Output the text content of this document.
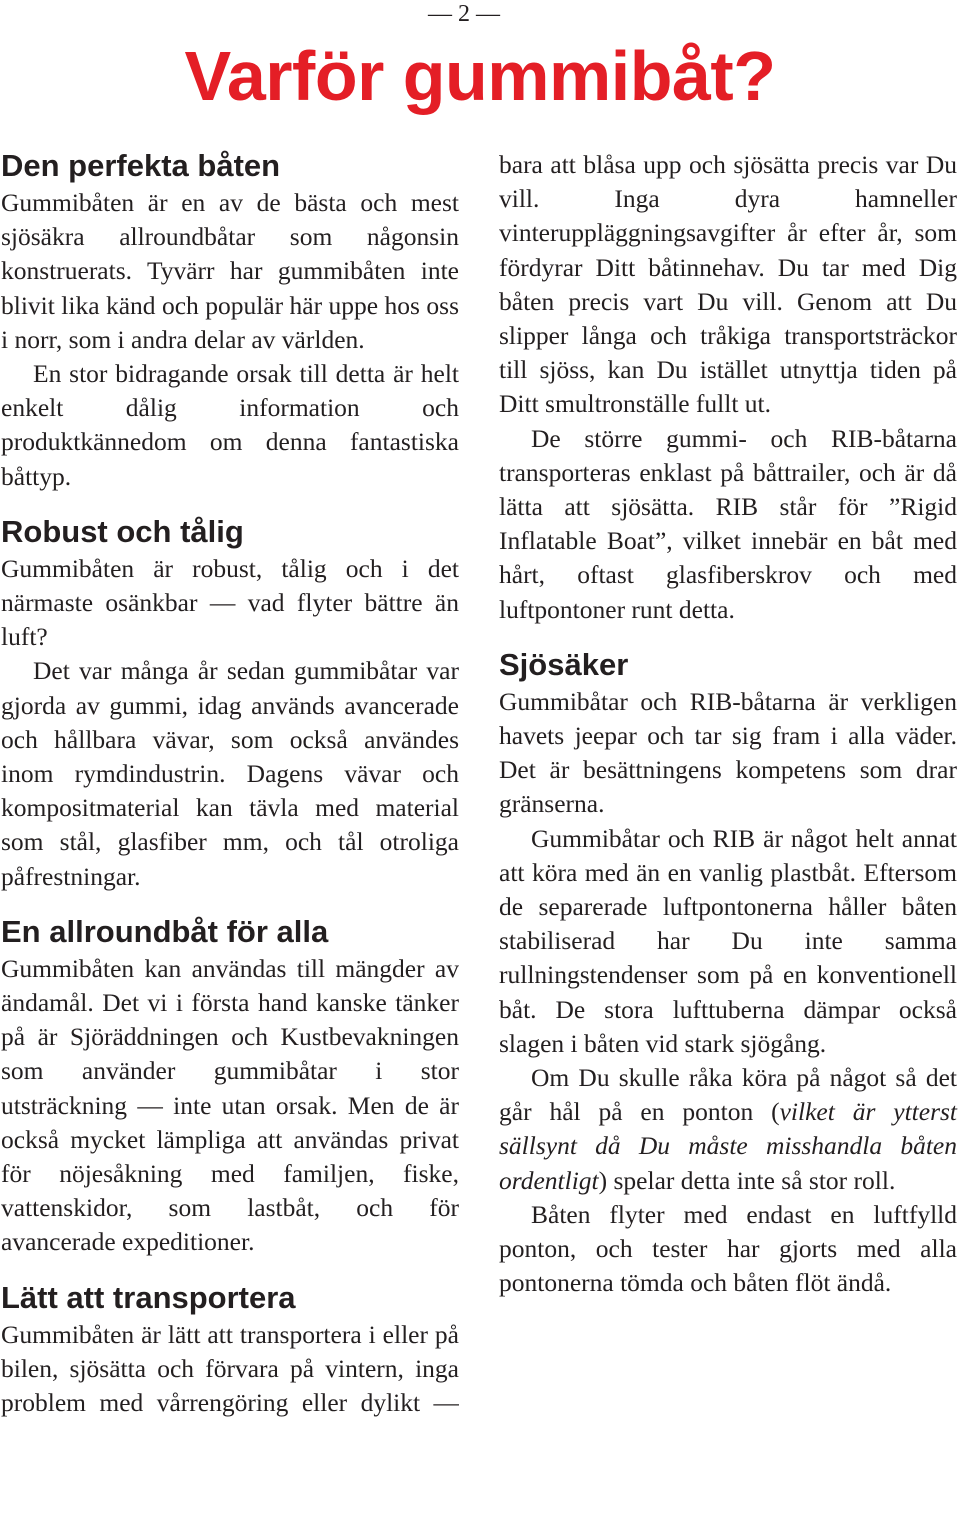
— 2 —
Varför gummibåt?
Den perfekta båten

Gummibåten är en av de bästa och mest sjösäkra allroundbåtar som någonsin konstruerats. Tyvärr har gummibåten inte blivit lika känd och populär här uppe hos oss i norr, som i andra delar av världen.

En stor bidragande orsak till detta är helt enkelt dålig information och produktkännedom om denna fantastiska båttyp.

Robust och tålig

Gummibåten är robust, tålig och i det närmaste osänkbar — vad flyter bättre än luft?

Det var många år sedan gummibåtar var gjorda av gummi, idag används avancerade och hållbara vävar, som också användes inom rymdindustrin. Dagens vävar och kompositmaterial kan tävla med material som stål, glasfiber mm, och tål otroliga påfrestningar.

En allroundbåt för alla

Gummibåten kan användas till mängder av ändamål. Det vi i första hand kanske tänker på är Sjöräddningen och Kustbevakningen som använder gummibåtar i stor utsträckning — inte utan orsak. Men de är också mycket lämpliga att användas privat för nöjesåkning med familjen, fiske, vattenskidor, som lastbåt, och för avancerade expeditioner.

Lätt att transportera

Gummibåten är lätt att transportera i eller på bilen, sjösätta och förvara på vintern, inga problem med vårrengöring eller dylikt —

bara att blåsa upp och sjösätta precis var Du vill. Inga dyra hamneller vinteruppläggningsavgifter år efter år, som fördyrar Ditt båtinnehav. Du tar med Dig båten precis vart Du vill. Genom att Du slipper långa och tråkiga transportsträckor till sjöss, kan Du istället utnyttja tiden på Ditt smultronställe fullt ut.

De större gummi- och RIB-båtarna transporteras enklast på båttrailer, och är då lätta att sjösätta. RIB står för ”Rigid Inflatable Boat”, vilket innebär en båt med hårt, oftast glasfiberskrov och med luftpontoner runt detta.

Sjösäker

Gummibåtar och RIB-båtarna är verkligen havets jeepar och tar sig fram i alla väder. Det är besättningens kompetens som drar gränserna.

Gummibåtar och RIB är något helt annat att köra med än en vanlig plastbåt. Eftersom de separerade luftpontonerna håller båten stabiliserad har Du inte samma rullningstendenser som på en konventionell båt. De stora lufttuberna dämpar också slagen i båten vid stark sjögång.

Om Du skulle råka köra på något så det går hål på en ponton (vilket är ytterst sällsynt då Du måste misshandla båten ordentligt) spelar detta inte så stor roll.

Båten flyter med endast en luftfylld ponton, och tester har gjorts med alla pontonerna tömda och båten flöt ändå.
